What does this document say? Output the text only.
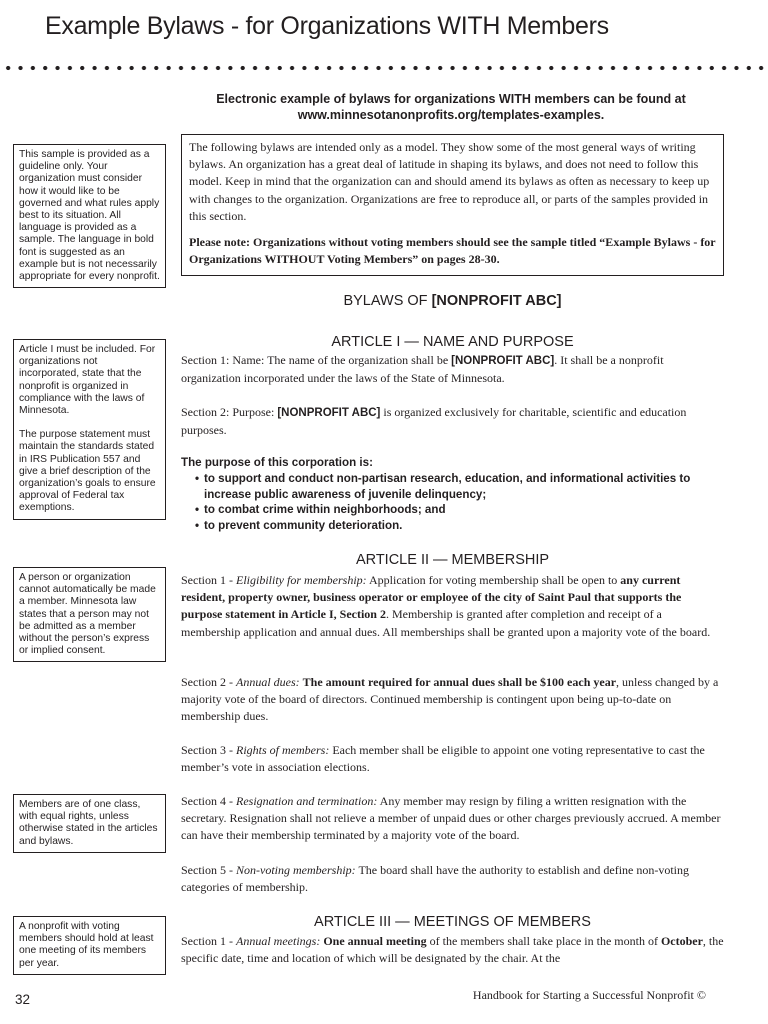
Example Bylaws - for Organizations WITH Members

Electronic example of bylaws for organizations WITH members can be found at
www.minnesotanonprofits.org/templates-examples.

This sample is provided as a guideline only. Your organization must consider how it would like to be governed and what rules apply best to its situation. All language is provided as a sample. The language in bold font is suggested as an example but is not necessarily appropriate for every nonprofit.

Article I must be included. For organizations not incorporated, state that the nonprofit is organized in compliance with the laws of Minnesota.

The purpose statement must maintain the standards stated in IRS Publication 557 and give a brief description of the organization’s goals to ensure approval of Federal tax exemptions.

A person or organization cannot automatically be made a member. Minnesota law states that a person may not be admitted as a member without the person’s express or implied consent.

Members are of one class, with equal rights, unless otherwise stated in the articles and bylaws.

A nonprofit with voting members should hold at least one meeting of its members per year.

The following bylaws are intended only as a model. They show some of the most general ways of writing bylaws. An organization has a great deal of latitude in shaping its bylaws, and does not need to follow this model. Keep in mind that the organization can and should amend its bylaws as often as necessary to keep up with changes to the organization. Organizations are free to reproduce all, or parts of the samples provided in this section.

Please note: Organizations without voting members should see the sample titled “Example Bylaws - for Organizations WITHOUT Voting Members” on pages 28-30.

BYLAWS OF [NONPROFIT ABC]
ARTICLE I — NAME AND PURPOSE

Section 1: Name: The name of the organization shall be [NONPROFIT ABC]. It shall be a nonprofit organization incorporated under the laws of the State of Minnesota.

Section 2: Purpose: [NONPROFIT ABC] is organized exclusively for charitable, scientific and education purposes.

The purpose of this corporation is:

• to support and conduct non-partisan research, education, and informational activities to increase public awareness of juvenile delinquency;
• to combat crime within neighborhoods; and
• to prevent community deterioration.
ARTICLE II — MEMBERSHIP

Section 1 - Eligibility for membership: Application for voting membership shall be open to any current resident, property owner, business operator or employee of the city of Saint Paul that supports the purpose statement in Article I, Section 2. Membership is granted after completion and receipt of a membership application and annual dues. All memberships shall be granted upon a majority vote of the board.

Section 2 - Annual dues: The amount required for annual dues shall be $100 each year, unless changed by a majority vote of the board of directors. Continued membership is contingent upon being up-to-date on membership dues.

Section 3 - Rights of members: Each member shall be eligible to appoint one voting representative to cast the member’s vote in association elections.

Section 4 - Resignation and termination: Any member may resign by filing a written resignation with the secretary. Resignation shall not relieve a member of unpaid dues or other charges previously accrued. A member can have their membership terminated by a majority vote of the board.

Section 5 - Non-voting membership: The board shall have the authority to establish and define non-voting categories of membership.

ARTICLE III — MEETINGS OF MEMBERS

Section 1 - Annual meetings: One annual meeting of the members shall take place in the month of October, the specific date, time and location of which will be designated by the chair. At the

32	Handbook for Starting a Successful Nonprofit ©
